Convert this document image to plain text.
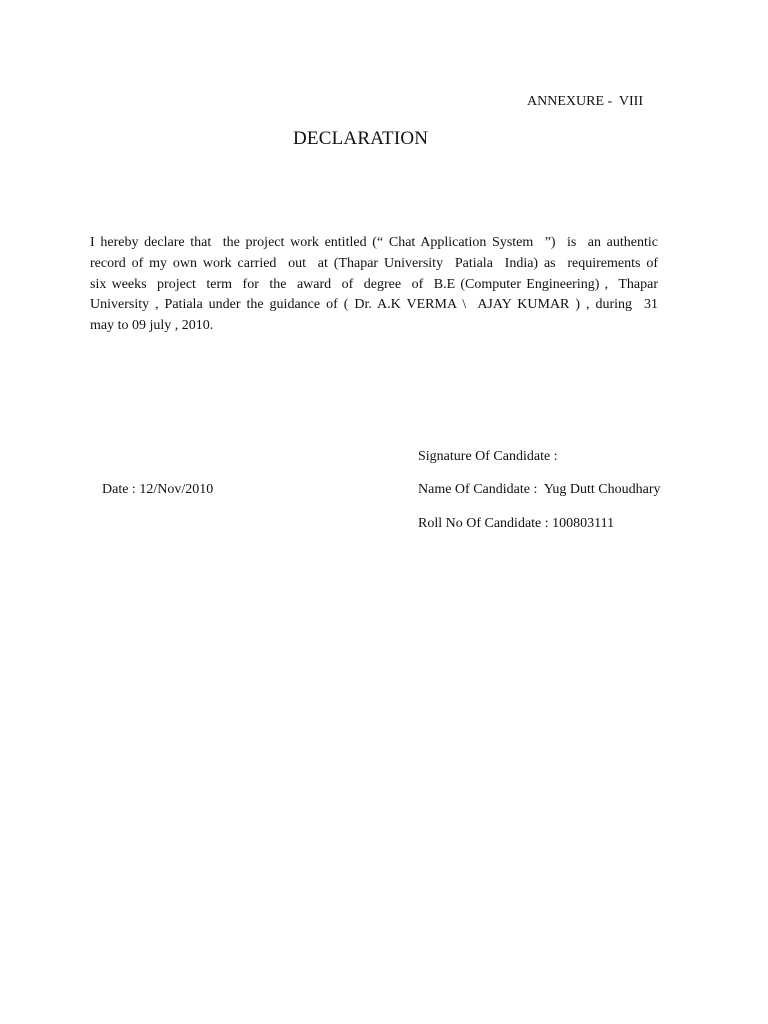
ANNEXURE -  VIII
DECLARATION
I hereby declare that  the project work entitled (“ Chat Application System  ”)  is  an authentic
record of my own work carried  out  at (Thapar University  Patiala  India) as  requirements of
six weeks  project  term  for  the  award  of  degree  of  B.E (Computer Engineering) ,  Thapar
University , Patiala under the guidance of ( Dr. A.K VERMA \  AJAY KUMAR ) , during  31
may to 09 july , 2010.
Signature Of Candidate :
Date : 12/Nov/2010	Name Of Candidate :  Yug Dutt Choudhary
Roll No Of Candidate : 100803111
